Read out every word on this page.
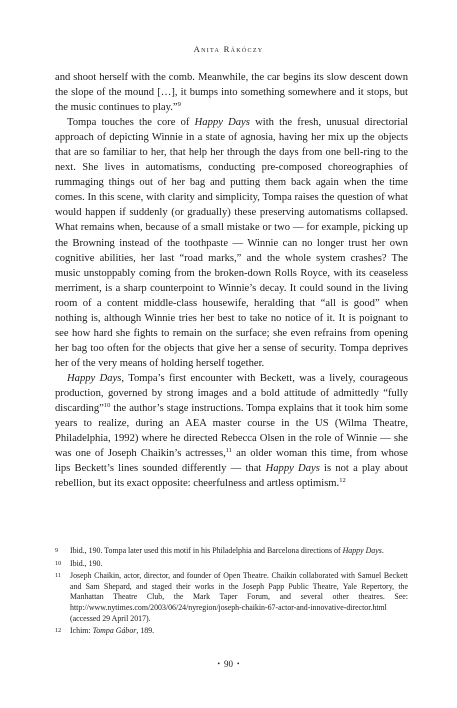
Anita Rákóczy

and shoot herself with the comb. Meanwhile, the car begins its slow descent down the slope of the mound […], it bumps into something somewhere and it stops, but the music continues to play.”$^9$

Tompa touches the core of Happy Days with the fresh, unusual directorial approach of depicting Winnie in a state of agnosia, having her mix up the objects that are so familiar to her, that help her through the days from one bell-ring to the next. She lives in automatisms, conducting pre-composed choreographies of rummaging things out of her bag and putting them back again when the time comes. In this scene, with clarity and simplicity, Tompa raises the question of what would happen if suddenly (or gradually) these preserving automatisms collapsed. What remains when, because of a small mistake or two — for example, picking up the Browning instead of the toothpaste — Winnie can no longer trust her own cognitive abilities, her last “road marks,” and the whole system crashes? The music unstoppably coming from the broken-down Rolls Royce, with its ceaseless merriment, is a sharp counterpoint to Winnie’s decay. It could sound in the living room of a content middle-class housewife, heralding that “all is good” when nothing is, although Winnie tries her best to take no notice of it. It is poignant to see how hard she fights to remain on the surface; she even refrains from opening her bag too often for the objects that give her a sense of security. Tompa deprives her of the very means of holding herself together.

Happy Days, Tompa’s first encounter with Beckett, was a lively, courageous production, governed by strong images and a bold attitude of admittedly “fully discarding”$^{10}$ the author’s stage instructions. Tompa explains that it took him some years to realize, during an AEA master course in the US (Wilma Theatre, Philadelphia, 1992) where he directed Rebecca Olsen in the role of Winnie — she was one of Joseph Chaikin’s actresses,$^{11}$ an older woman this time, from whose lips Beckett’s lines sounded differently — that Happy Days is not a play about rebellion, but its exact opposite: cheerfulness and artless optimism.$^{12}$

9 Ibid., 190. Tompa later used this motif in his Philadelphia and Barcelona directions of Happy Days.
10 Ibid., 190.
11 Joseph Chaikin, actor, director, and founder of Open Theatre. Chaikin collaborated with Samuel Beckett and Sam Shepard, and staged their works in the Joseph Papp Public Theatre, Yale Repertory, the Manhattan Theatre Club, the Mark Taper Forum, and several other theatres. See: http://www.nytimes.com/2003/06/24/nyregion/joseph-chaikin-67-actor-and-innovative-director.html (accessed 29 April 2017).
12 Ichim: Tompa Gábor, 189.
• 90 •
